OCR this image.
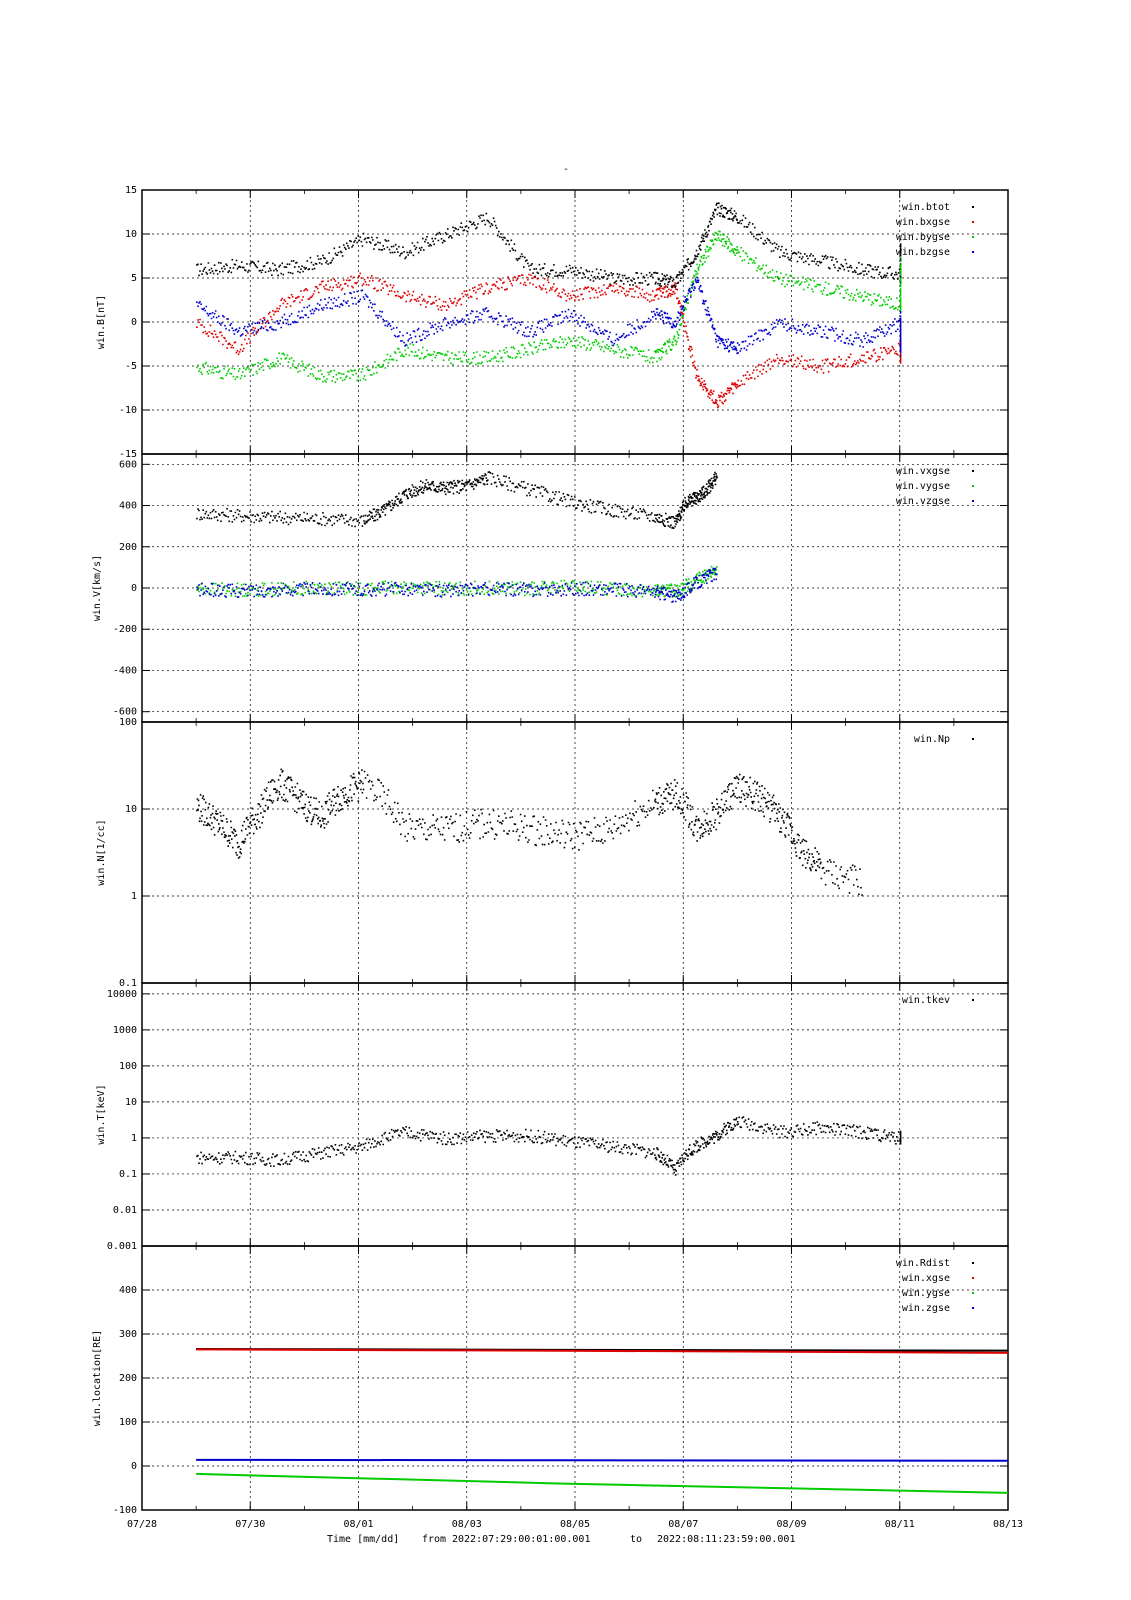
-
15
10
5
0
-5
-10
-15
win.B[nT]
win.btot
win.bxgse
win.bygse
win.bzgse
600
400
200
0
-200
-400
-600
win.V[km/s]
win.vxgse
win.vygse
win.vzgse
100
10
1
0.1
win.N[1/cc]
win.Np
10000
1000
100
10
1
0.1
0.01
0.001
win.T[keV]
win.tkev
400
300
200
100
0
-100
win.location[RE]
win.Rdist
win.xgse
win.ygse
win.zgse
07/28	07/30	08/01	08/03	08/05	08/07	08/09	08/11	08/13
Time [mm/dd] from 2022:07:29:00:01:00.001	to 2022:08:11:23:59:00.001
